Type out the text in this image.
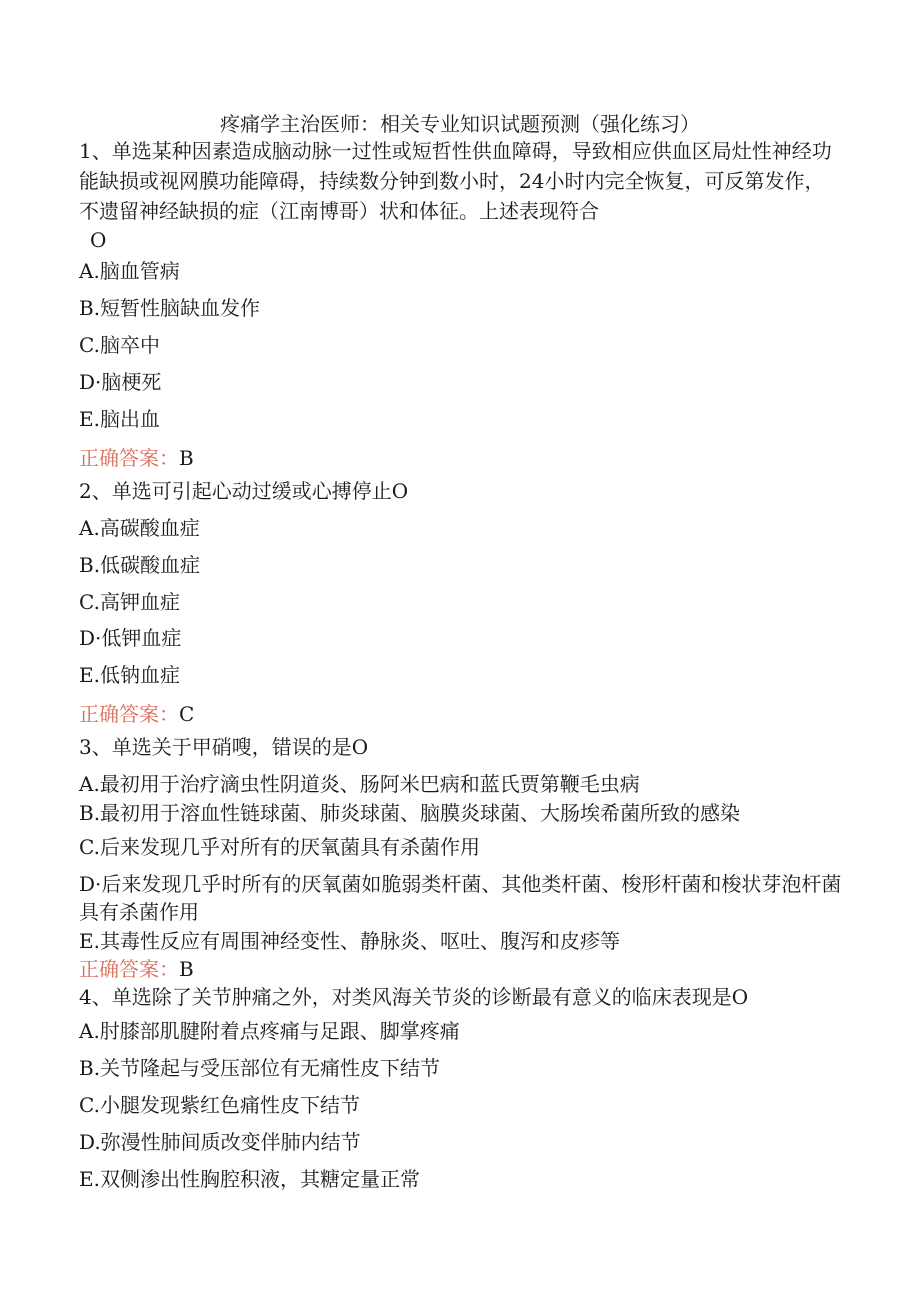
疼痛学主治医师：相关专业知识试题预测（强化练习）
1、单选某种因素造成脑动脉一过性或短哲性供血障碍，导致相应供血区局灶性神经功能缺损或视网膜功能障碍，持续数分钟到数小时，24小时内完全恢复，可反第发作，不遗留神经缺损的症（江南博哥）状和体征。上述表现符合
O
A.脑血管病
B.短暂性脑缺血发作
C.脑卒中
D·脑梗死
E.脑出血
正确答案：B
2、单选可引起心动过缓或心搏停止O
A.高碳酸血症
B.低碳酸血症
C.高钾血症
D·低钾血症
E.低钠血症
正确答案：C
3、单选关于甲硝嗖，错误的是O
A.最初用于治疗滴虫性阴道炎、肠阿米巴病和蓝氏贾第鞭毛虫病
B.最初用于溶血性链球菌、肺炎球菌、脑膜炎球菌、大肠埃希菌所致的感染
C.后来发现几乎对所有的厌氧菌具有杀菌作用
D·后来发现几乎时所有的厌氧菌如脆弱类杆菌、其他类杆菌、梭形杆菌和梭状芽泡杆菌具有杀菌作用
E.其毒性反应有周围神经变性、静脉炎、呕吐、腹泻和皮疹等
正确答案：B
4、单选除了关节肿痛之外，对类风海关节炎的诊断最有意义的临床表现是O
A.肘膝部肌腱附着点疼痛与足跟、脚掌疼痛
B.关节隆起与受压部位有无痛性皮下结节
C.小腿发现紫红色痛性皮下结节
D.弥漫性肺间质改变伴肺内结节
E.双侧渗出性胸腔积液，其糖定量正常
